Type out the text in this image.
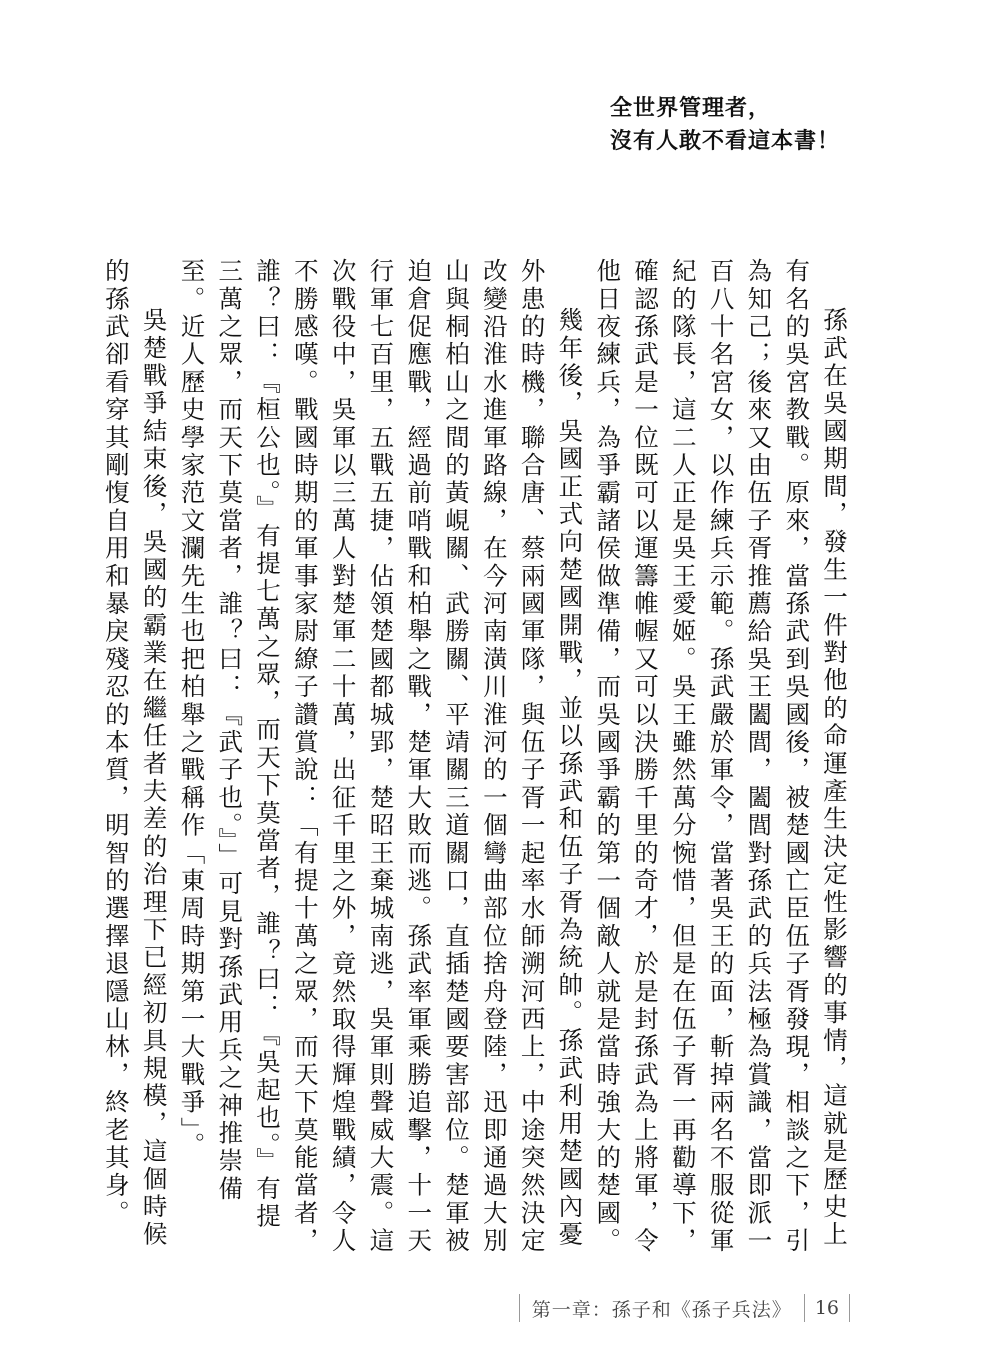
全世界管理者，
沒有人敢不看這本書！

孫武在吳國期間，發生一件對他的命運產生決定性影響的事情，這就是歷史上有名的吳宮教戰。原來，當孫武到吳國後，被楚國亡臣伍子胥發現，相談之下，引為知己；後來又由伍子胥推薦給吳王闔閭，闔閭對孫武的兵法極為賞識，當即派一百八十名宮女，以作練兵示範。孫武嚴於軍令，當著吳王的面，斬掉兩名不服從軍紀的隊長，這二人正是吳王愛姬。吳王雖然萬分惋惜，但是在伍子胥一再勸導下，確認孫武是一位既可以運籌帷幄又可以決勝千里的奇才，於是封孫武為上將軍，令他日夜練兵，為爭霸諸侯做準備，而吳國爭霸的第一個敵人就是當時強大的楚國。

幾年後，吳國正式向楚國開戰，並以孫武和伍子胥為統帥。孫武利用楚國內憂外患的時機，聯合唐、蔡兩國軍隊，與伍子胥一起率水師溯河西上，中途突然決定改變沿淮水進軍路線，在今河南潢川淮河的一個彎曲部位捨舟登陸，迅即通過大別山與桐柏山之間的黃峴關、武勝關、平靖關三道關口，直插楚國要害部位。楚軍被迫倉促應戰，經過前哨戰和柏舉之戰，楚軍大敗而逃。孫武率軍乘勝追擊，十一天行軍七百里，五戰五捷，佔領楚國都城郢，楚昭王棄城南逃，吳軍則聲威大震。這次戰役中，吳軍以三萬人對楚軍二十萬，出征千里之外，竟然取得輝煌戰績，令人不勝感嘆。戰國時期的軍事家尉繚子讚賞說：「有提十萬之眾，而天下莫能當者，誰？曰：『桓公也。』有提七萬之眾，而天下莫當者，誰？曰：『吳起也。』有提三萬之眾，而天下莫當者，誰？曰：『武子也。』」可見對孫武用兵之神推崇備至。近人歷史學家范文瀾先生也把柏舉之戰稱作「東周時期第一大戰爭」。

吳楚戰爭結束後，吳國的霸業在繼任者夫差的治理下已經初具規模，這個時候的孫武卻看穿其剛愎自用和暴戾殘忍的本質，明智的選擇退隱山林，終老其身。

第一章：孫子和《孫子兵法》	16
